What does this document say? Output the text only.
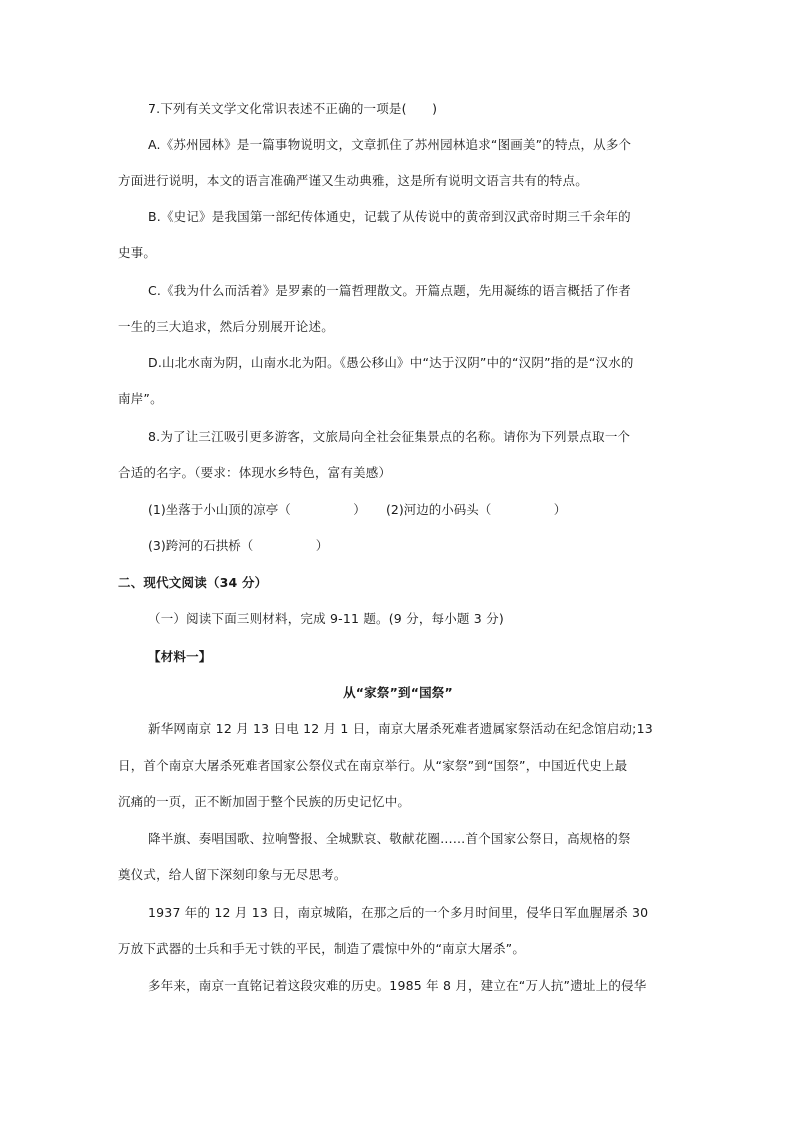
7.下列有关文学文化常识表述不正确的一项是(　　)
A.《苏州园林》是一篇事物说明文，文章抓住了苏州园林追求“图画美”的特点，从多个
方面进行说明，本文的语言准确严谨又生动典雅，这是所有说明文语言共有的特点。
B.《史记》是我国第一部纪传体通史，记载了从传说中的黄帝到汉武帝时期三千余年的
史事。
C.《我为什么而活着》是罗素的一篇哲理散文。开篇点题，先用凝练的语言概括了作者
一生的三大追求，然后分别展开论述。
D.山北水南为阴，山南水北为阳。《愚公移山》中“达于汉阴”中的“汉阴”指的是“汉水的
南岸”。
8.为了让三江吸引更多游客，文旅局向全社会征集景点的名称。请你为下列景点取一个
合适的名字。（要求：体现水乡特色，富有美感）
(1)坐落于小山顶的凉亭（　　　　　） (2)河边的小码头（　　　　　）
(3)跨河的石拱桥（　　　　　）
二、现代文阅读（34 分）
（一）阅读下面三则材料，完成 9-11 题。(9 分，每小题 3 分)
【材料一】
从“家祭”到“国祭”
新华网南京 12 月 13 日电 12 月 1 日，南京大屠杀死难者遗属家祭活动在纪念馆启动;13
日，首个南京大屠杀死难者国家公祭仪式在南京举行。从“家祭”到“国祭”，中国近代史上最
沉痛的一页，正不断加固于整个民族的历史记忆中。
降半旗、奏唱国歌、拉响警报、全城默哀、敬献花圈……首个国家公祭日，高规格的祭
奠仪式，给人留下深刻印象与无尽思考。
1937 年的 12 月 13 日，南京城陷，在那之后的一个多月时间里，侵华日军血腥屠杀 30
万放下武器的士兵和手无寸铁的平民，制造了震惊中外的“南京大屠杀”。
多年来，南京一直铭记着这段灾难的历史。1985 年 8 月，建立在“万人抗”遗址上的侵华
